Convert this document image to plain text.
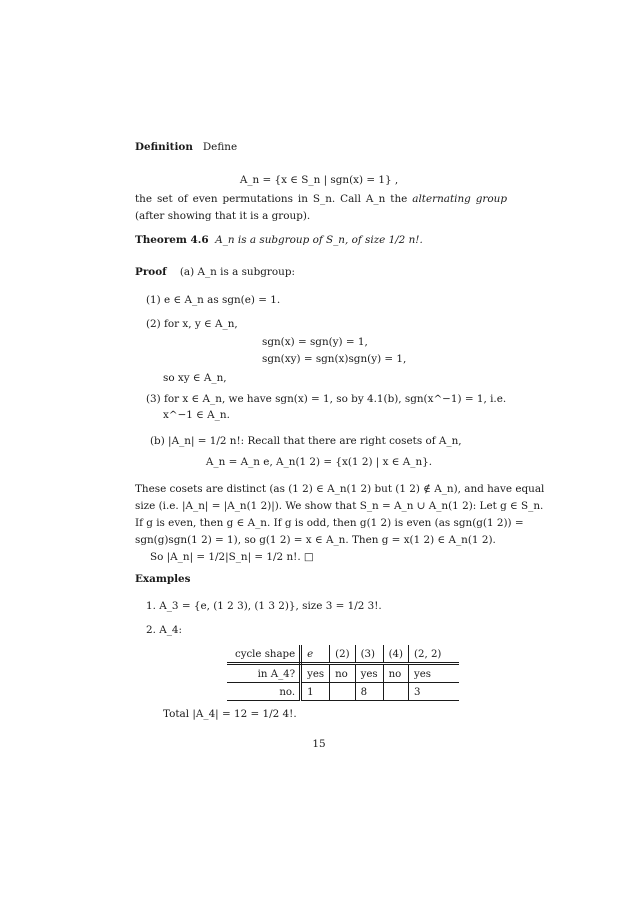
Definition Define
A_n = {x ∈ S_n | sgn(x) = 1} ,
the set of even permutations in S_n. Call A_n the alternating group (after showing that it is a group).
Theorem 4.6 A_n is a subgroup of S_n, of size 1/2 n!.
Proof (a) A_n is a subgroup:
(1) e ∈ A_n as sgn(e) = 1.
(2) for x, y ∈ A_n,
sgn(x) = sgn(y) = 1,
sgn(xy) = sgn(x)sgn(y) = 1,
so xy ∈ A_n,
(3) for x ∈ A_n, we have sgn(x) = 1, so by 4.1(b), sgn(x^−1) = 1, i.e.
x^−1 ∈ A_n.
(b) |A_n| = 1/2 n!: Recall that there are right cosets of A_n,
A_n = A_n e, A_n(1 2) = {x(1 2) | x ∈ A_n}.
These cosets are distinct (as (1 2) ∈ A_n(1 2) but (1 2) ∉ A_n), and have equal
size (i.e. |A_n| = |A_n(1 2)|). We show that S_n = A_n ∪ A_n(1 2): Let g ∈ S_n.
If g is even, then g ∈ A_n. If g is odd, then g(1 2) is even (as sgn(g(1 2)) =
sgn(g)sgn(1 2) = 1), so g(1 2) = x ∈ A_n. Then g = x(1 2) ∈ A_n(1 2).
So |A_n| = 1/2|S_n| = 1/2 n!. □
Examples
1. A_3 = {e, (1 2 3), (1 3 2)}, size 3 = 1/2 3!.
2. A_4:
cycle shape	e	(2)	(3)	(4)	(2, 2)
in A_4?	yes	no	yes	no	yes
no.	1		8		3
Total |A_4| = 12 = 1/2 4!.
15
